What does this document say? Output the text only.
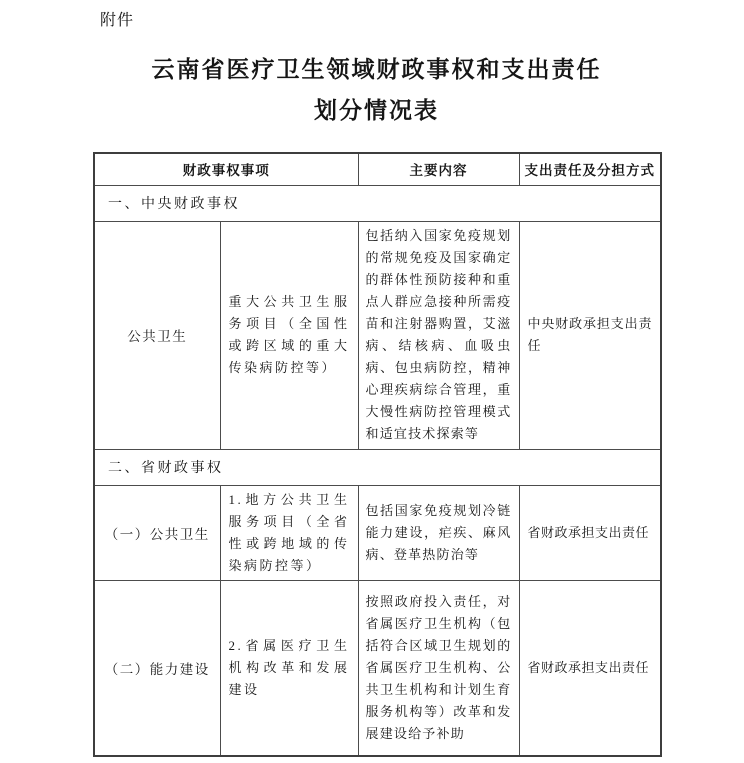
附件
云南省医疗卫生领域财政事权和支出责任
划分情况表
财政事权事项		主要内容	支出责任及分担方式
一、中央财政事权			
公共卫生	重大公共卫生服务项目（全国性或跨区域的重大传染病防控等）	包括纳入国家免疫规划的常规免疫及国家确定的群体性预防接种和重点人群应急接种所需疫苗和注射器购置，艾滋病、结核病、血吸虫病、包虫病防控，精神心理疾病综合管理，重大慢性病防控管理模式和适宜技术探索等	中央财政承担支出责任
二、省财政事权			
（一）公共卫生	1.地方公共卫生服务项目（全省性或跨地域的传染病防控等）	包括国家免疫规划冷链能力建设，疟疾、麻风病、登革热防治等	省财政承担支出责任
（二）能力建设	2.省属医疗卫生机构改革和发展建设	按照政府投入责任，对省属医疗卫生机构（包括符合区域卫生规划的省属医疗卫生机构、公共卫生机构和计划生育服务机构等）改革和发展建设给予补助	省财政承担支出责任
